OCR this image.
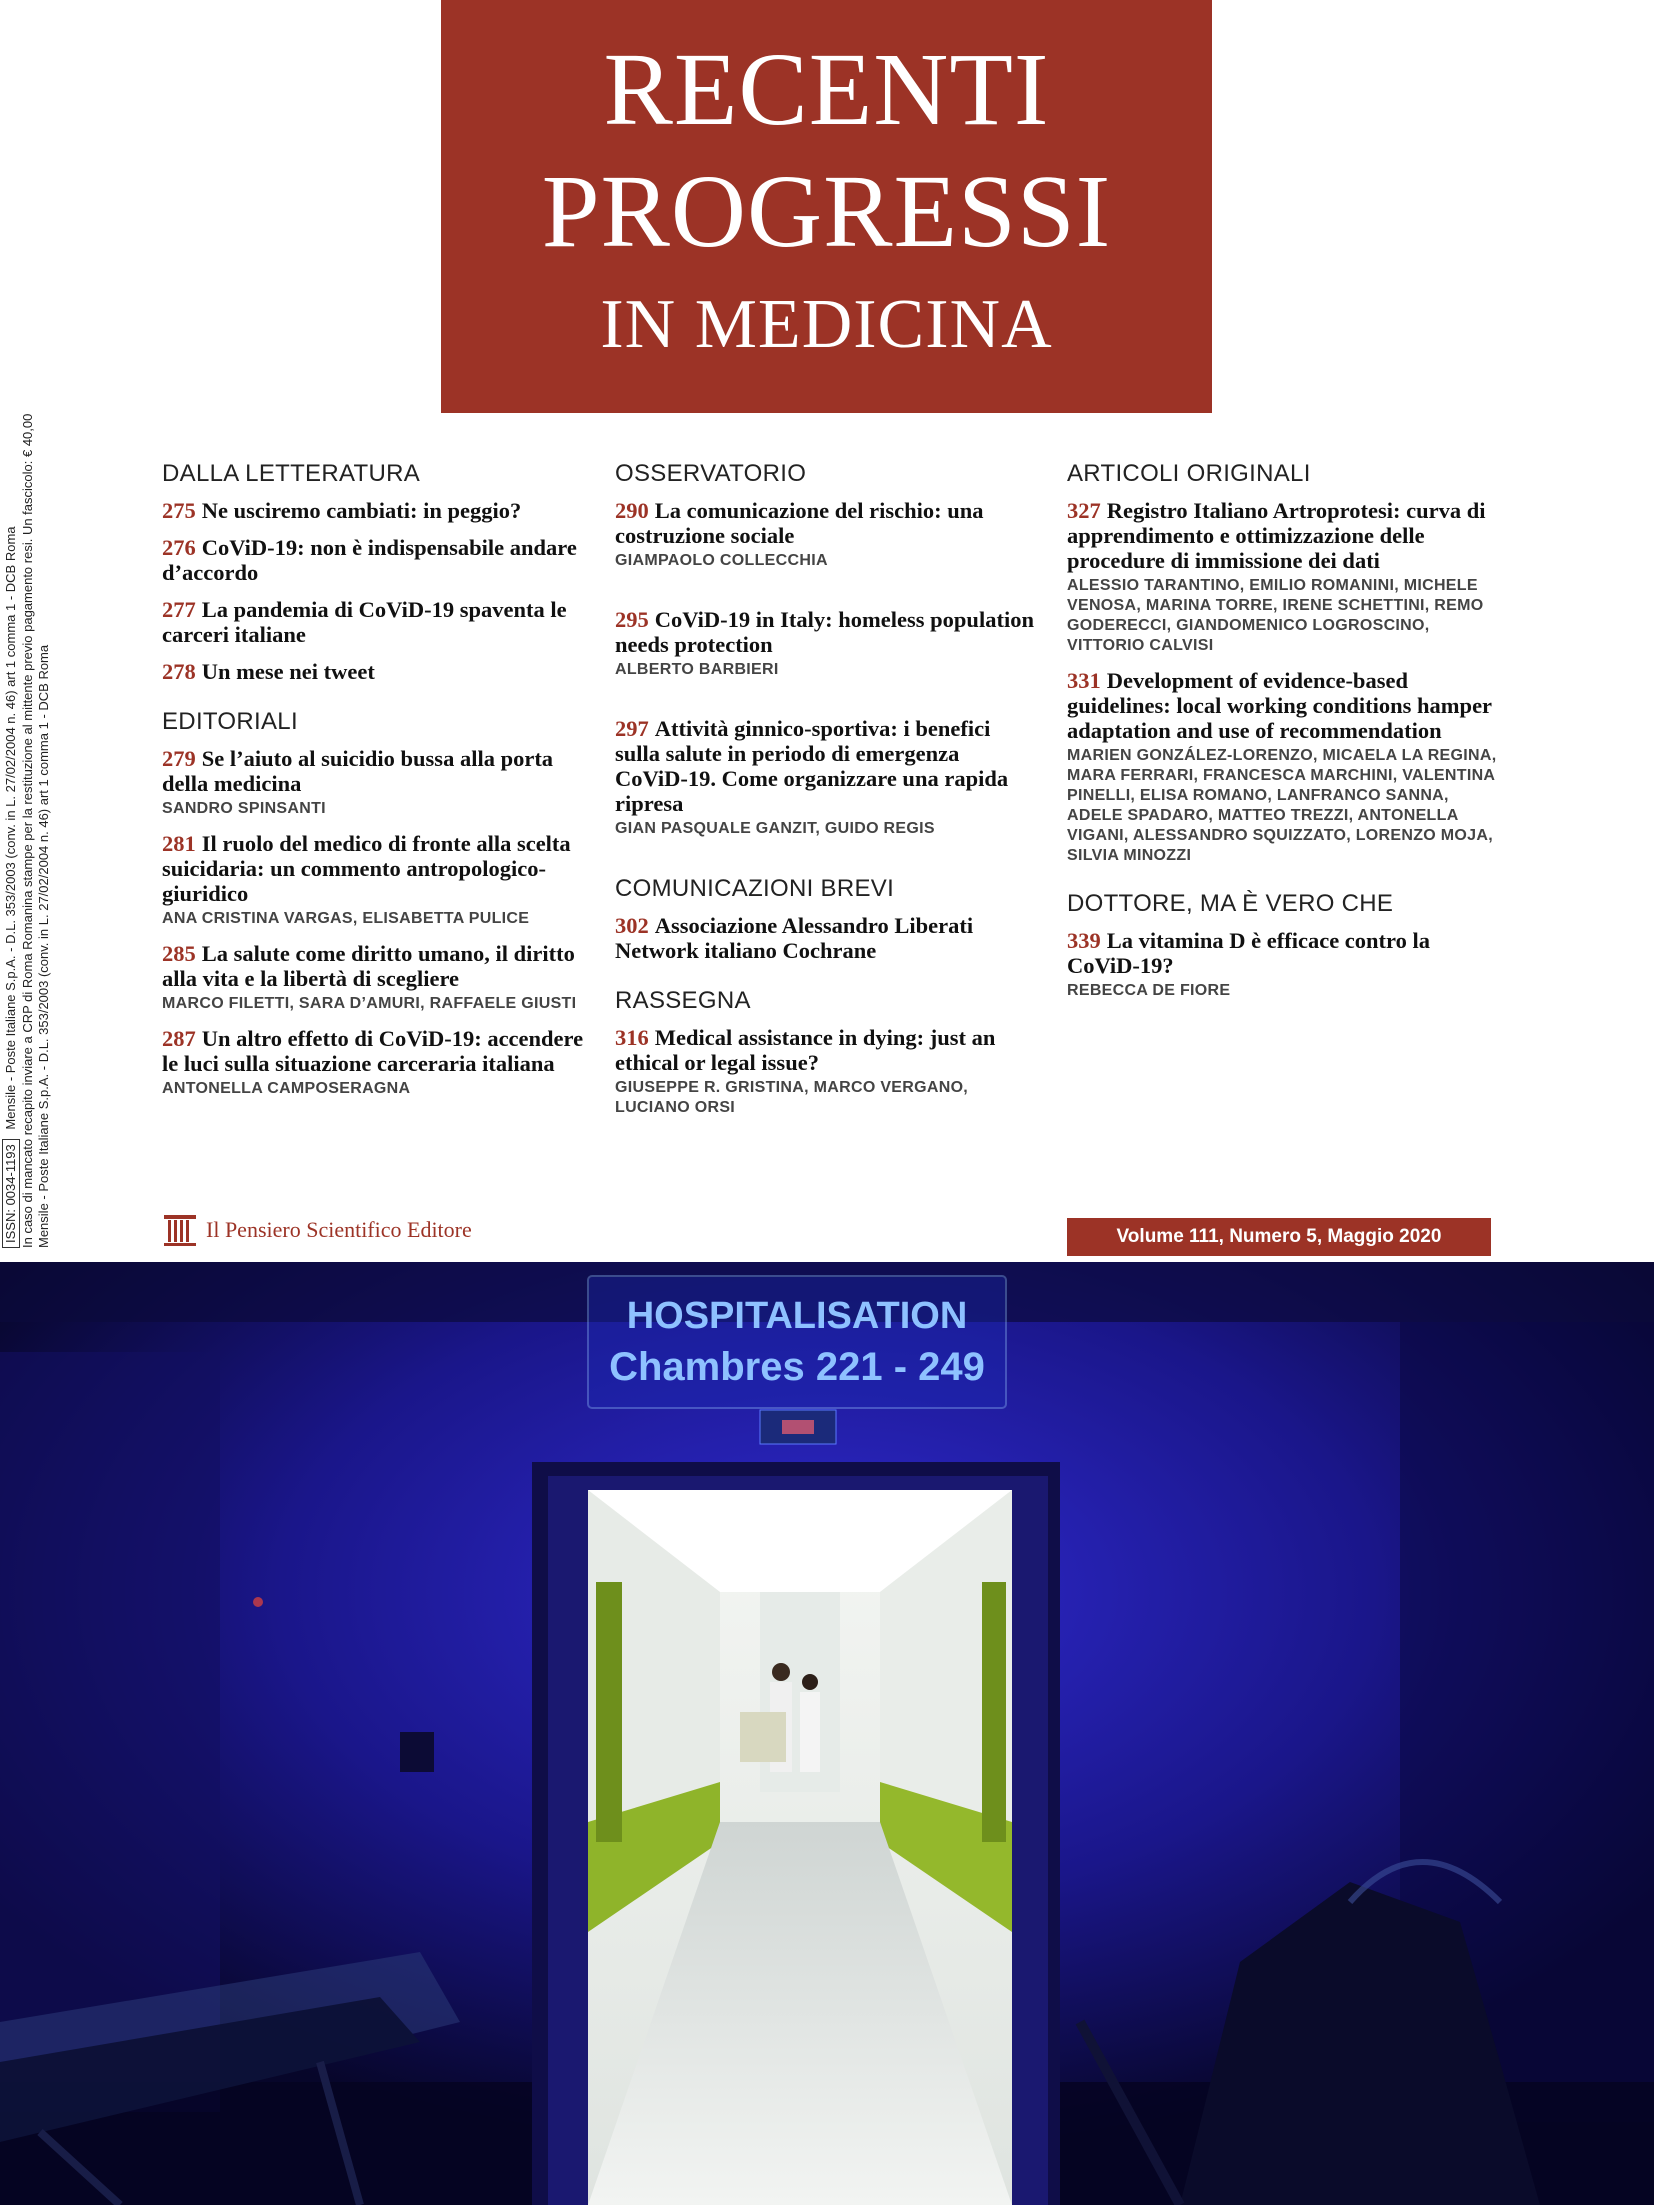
RECENTI
PROGRESSI
IN MEDICINA
ISSN: 0034-1193 Mensile - Poste Italiane S.p.A. - D.L. 353/2003 (conv. in L. 27/02/2004 n. 46) art 1 comma 1 - DCB Roma In caso di mancato recapito inviare a CRP di Roma Romanina stampe per la restituzione al mittente previo pagamento resi. Un fascicolo: € 40,00 Mensile - Poste Italiane S.p.A. - D.L. 353/2003 (conv. in L. 27/02/2004 n. 46) art 1 comma 1 - DCB Roma
DALLA LETTERATURA
275 Ne usciremo cambiati: in peggio?
276 CoViD-19: non è indispensabile andare d’accordo
277 La pandemia di CoViD-19 spaventa le carceri italiane
278 Un mese nei tweet
EDITORIALI
279 Se l’aiuto al suicidio bussa alla porta della medicina
SANDRO SPINSANTI
281 Il ruolo del medico di fronte alla scelta suicidaria: un commento antropologico-giuridico
ANA CRISTINA VARGAS, ELISABETTA PULICE
285 La salute come diritto umano, il diritto alla vita e la libertà di scegliere
MARCO FILETTI, SARA D’AMURI, RAFFAELE GIUSTI
287 Un altro effetto di CoViD-19: accendere le luci sulla situazione carceraria italiana
ANTONELLA CAMPOSERAGNA
OSSERVATORIO
290 La comunicazione del rischio: una costruzione sociale
GIAMPAOLO COLLECCHIA
295 CoViD-19 in Italy: homeless population needs protection
ALBERTO BARBIERI
297 Attività ginnico-sportiva: i benefici sulla salute in periodo di emergenza CoViD-19. Come organizzare una rapida ripresa
GIAN PASQUALE GANZIT, GUIDO REGIS
COMUNICAZIONI BREVI
302 Associazione Alessandro Liberati Network italiano Cochrane
RASSEGNA
316 Medical assistance in dying: just an ethical or legal issue?
GIUSEPPE R. GRISTINA, MARCO VERGANO, LUCIANO ORSI
ARTICOLI ORIGINALI
327 Registro Italiano Artroprotesi: curva di apprendimento e ottimizzazione delle procedure di immissione dei dati
ALESSIO TARANTINO, EMILIO ROMANINI, MICHELE VENOSA, MARINA TORRE, IRENE SCHETTINI, REMO GODERECCI, GIANDOMENICO LOGROSCINO, VITTORIO CALVISI
331 Development of evidence-based guidelines: local working conditions hamper adaptation and use of recommendation
MARIEN GONZÁLEZ-LORENZO, MICAELA LA REGINA, MARA FERRARI, FRANCESCA MARCHINI, VALENTINA PINELLI, ELISA ROMANO, LANFRANCO SANNA, ADELE SPADARO, MATTEO TREZZI, ANTONELLA VIGANI, ALESSANDRO SQUIZZATO, LORENZO MOJA, SILVIA MINOZZI
DOTTORE, MA È VERO CHE
339 La vitamina D è efficace contro la CoViD-19?
REBECCA DE FIORE
Il Pensiero Scientifico Editore	Volume 111, Numero 5, Maggio 2020
HOSPITALISATION
Chambres 221 - 249
